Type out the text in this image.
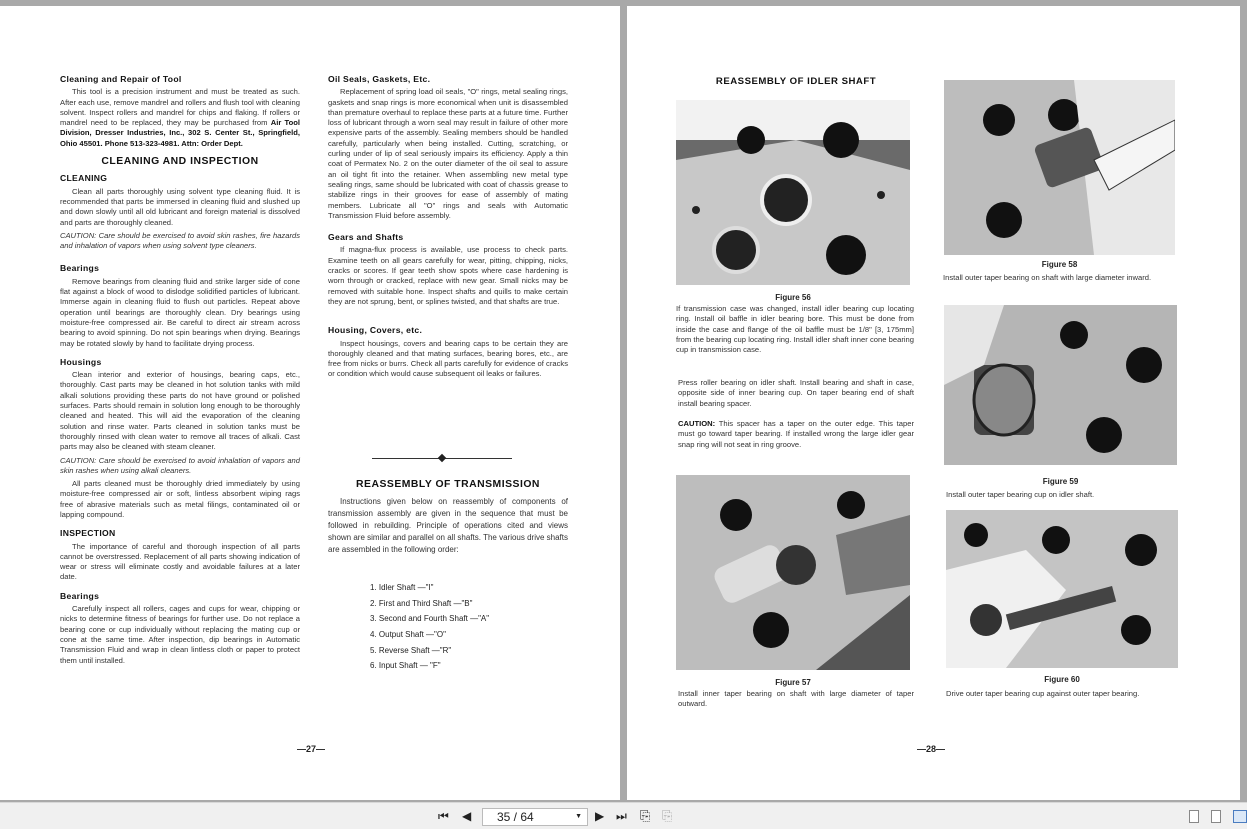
Cleaning and Repair of Tool

This tool is a precision instrument and must be treated as such. After each use, remove mandrel and rollers and flush tool with cleaning solvent. Inspect rollers and mandrel for chips and flaking. If rollers or mandrel need to be replaced, they may be purchased from Air Tool Division, Dresser Industries, Inc., 302 S. Center St., Springfield, Ohio 45501. Phone 513-323-4981. Attn: Order Dept.

CLEANING AND INSPECTION
CLEANING

Clean all parts thoroughly using solvent type cleaning fluid. It is recommended that parts be immersed in cleaning fluid and slushed up and down slowly until all old lubricant and foreign material is dissolved and parts are thoroughly cleaned.

CAUTION: Care should be exercised to avoid skin rashes, fire hazards and inhalation of vapors when using solvent type cleaners.
Bearings

Remove bearings from cleaning fluid and strike larger side of cone flat against a block of wood to dislodge solidified particles of lubricant. Immerse again in cleaning fluid to flush out particles. Repeat above operation until bearings are thoroughly clean. Dry bearings using moisture-free compressed air. Be careful to direct air stream across bearing to avoid spinning. Do not spin bearings when drying. Bearings may be rotated slowly by hand to facilitate drying process.

Housings

Clean interior and exterior of housings, bearing caps, etc., thoroughly. Cast parts may be cleaned in hot solution tanks with mild alkali solutions providing these parts do not have ground or polished surfaces. Parts should remain in solution long enough to be thoroughly cleaned and heated. This will aid the evaporation of the cleaning solution and rinse water. Parts cleaned in solution tanks must be thoroughly rinsed with clean water to remove all traces of alkali. Cast parts may also be cleaned with steam cleaner.

CAUTION: Care should be exercised to avoid inhalation of vapors and skin rashes when using alkali cleaners.

All parts cleaned must be thoroughly dried immediately by using moisture-free compressed air or soft, lintless absorbent wiping rags free of abrasive materials such as metal filings, contaminated oil or lapping compound.

INSPECTION

The importance of careful and thorough inspection of all parts cannot be overstressed. Replacement of all parts showing indication of wear or stress will eliminate costly and avoidable failures at a later date.

Bearings

Carefully inspect all rollers, cages and cups for wear, chipping or nicks to determine fitness of bearings for further use. Do not replace a bearing cone or cup individually without replacing the mating cup or cone at the same time. After inspection, dip bearings in Automatic Transmission Fluid and wrap in clean lintless cloth or paper to protect them until installed.

Oil Seals, Gaskets, Etc.

Replacement of spring load oil seals, "O" rings, metal sealing rings, gaskets and snap rings is more economical when unit is disassembled than premature overhaul to replace these parts at a future time. Further loss of lubricant through a worn seal may result in failure of other more expensive parts of the assembly. Sealing members should be handled carefully, particularly when being installed. Cutting, scratching, or curling under of lip of seal seriously impairs its efficiency. Apply a thin coat of Permatex No. 2 on the outer diameter of the oil seal to assure an oil tight fit into the retainer. When assembling new metal type sealing rings, same should be lubricated with coat of chassis grease to stabilize rings in their grooves for ease of assembly of mating members. Lubricate all "O" rings and seals with Automatic Transmission Fluid before assembly.

Gears and Shafts

If magna-flux process is available, use process to check parts. Examine teeth on all gears carefully for wear, pitting, chipping, nicks, cracks or scores. If gear teeth show spots where case hardening is worn through or cracked, replace with new gear. Small nicks may be removed with suitable hone. Inspect shafts and quills to make certain they are not sprung, bent, or splines twisted, and that shafts are true.

Housing, Covers, etc.

Inspect housings, covers and bearing caps to be certain they are thoroughly cleaned and that mating surfaces, bearing bores, etc., are free from nicks or burrs. Check all parts carefully for evidence of cracks or condition which would cause subsequent oil leaks or failures.

REASSEMBLY OF TRANSMISSION

Instructions given below on reassembly of components of transmission assembly are given in the sequence that must be followed in rebuilding. Principle of operations cited and views shown are similar and parallel on all shafts. The various drive shafts are assembled in the following order:

1. Idler Shaft —"I"
2. First and Third Shaft —"B"
3. Second and Fourth Shaft —"A"
4. Output Shaft —"O"
5. Reverse Shaft —"R"
6. Input Shaft — "F"
—27—
REASSEMBLY OF IDLER SHAFT
Figure 56
If transmission case was changed, install idler bearing cup locating ring. Install oil baffle in idler bearing bore. This must be done from inside the case and flange of the oil baffle must be 1/8" [3, 175mm] from the bearing cup locating ring. Install idler shaft inner cone bearing cup in transmission case.
Press roller bearing on idler shaft. Install bearing and shaft in case, opposite side of inner bearing cup. On taper bearing end of shaft install bearing spacer.
CAUTION: This spacer has a taper on the outer edge. This taper must go toward taper bearing. If installed wrong the large idler gear snap ring will not seat in ring groove.
Figure 57
Install inner taper bearing on shaft with large diameter of taper outward.
Figure 58
Install outer taper bearing on shaft with large diameter inward.
Figure 59
Install outer taper bearing cup on idler shaft.
Figure 60
Drive outer taper bearing cup against outer taper bearing.
—28—
⏮ ◀	35 / 64	▼ ▶ ⏭ ⎘ ⎘
